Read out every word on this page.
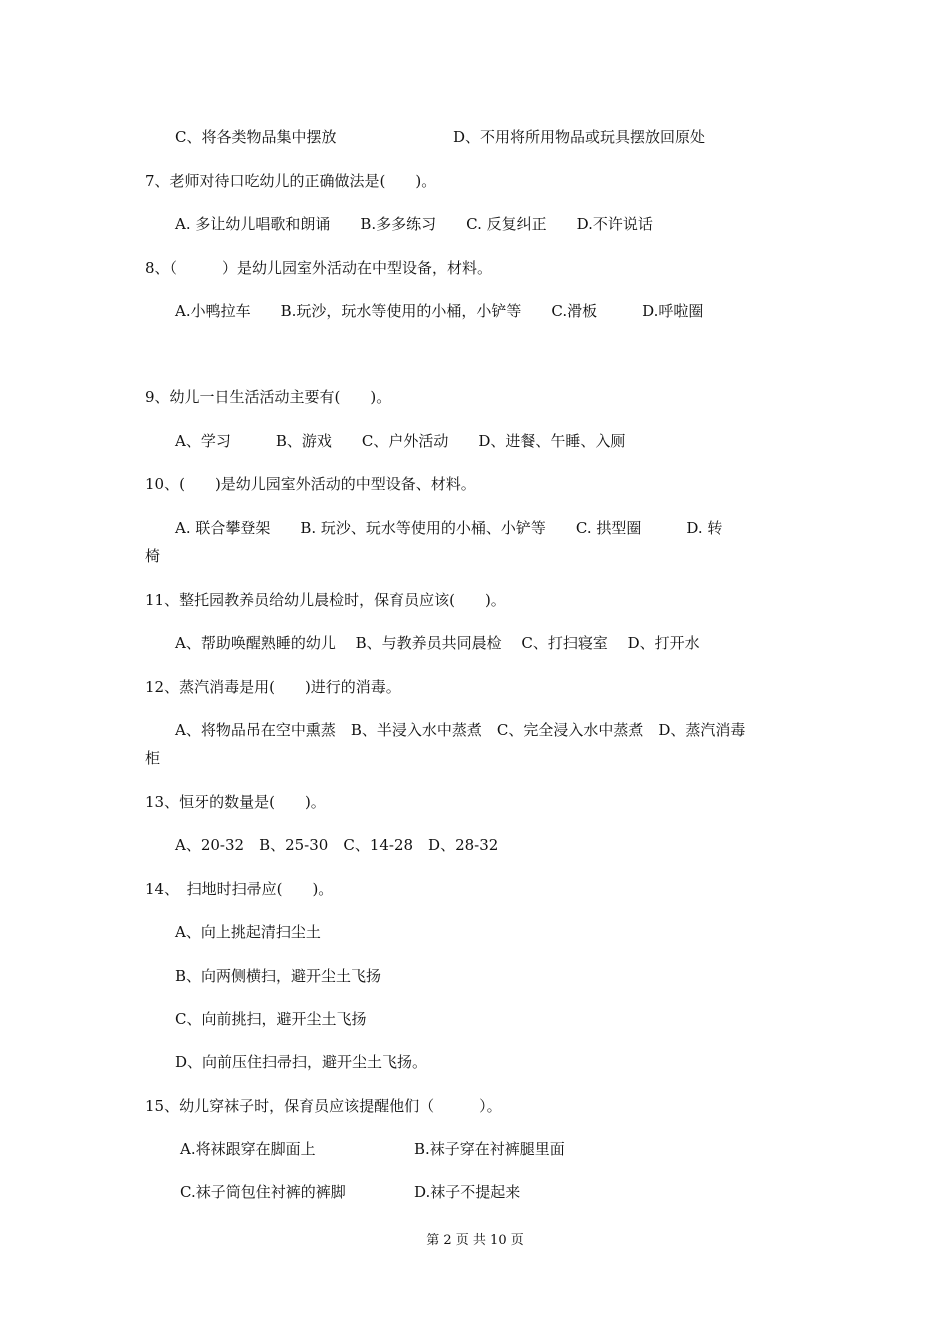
C、将各类物品集中摆放	D、不用将所用物品或玩具摆放回原处
7、老师对待口吃幼儿的正确做法是(　　)。
A. 多让幼儿唱歌和朗诵　　B.多多练习　　C. 反复纠正　　D.不许说话
8、（　　　）是幼儿园室外活动在中型设备，材料。
A.小鸭拉车　　B.玩沙，玩水等使用的小桶，小铲等　　C.滑板　　　D.呼啦圈
9、幼儿一日生活活动主要有(　　)。
A、学习　　　B、游戏　　C、户外活动　　D、进餐、午睡、入厕
10、(　　)是幼儿园室外活动的中型设备、材料。
A. 联合攀登架　　B. 玩沙、玩水等使用的小桶、小铲等　　C. 拱型圈　　　D. 转
椅
11、整托园教养员给幼儿晨检时，保育员应该(　　)。
A、帮助唤醒熟睡的幼儿　 B、与教养员共同晨检　 C、打扫寝室　 D、打开水
12、蒸汽消毒是用(　　)进行的消毒。
A、将物品吊在空中熏蒸　B、半浸入水中蒸煮　C、完全浸入水中蒸煮　D、蒸汽消毒
柜
13、恒牙的数量是(　　)。
A、20-32　B、25-30　C、14-28　D、28-32
14、　扫地时扫帚应(　　)。
A、向上挑起清扫尘土
B、向两侧横扫，避开尘土飞扬
C、向前挑扫，避开尘土飞扬
D、向前压住扫帚扫，避开尘土飞扬。
15、幼儿穿袜子时，保育员应该提醒他们（　　　）。
A.将袜跟穿在脚面上	B.袜子穿在衬裤腿里面
C.袜子筒包住衬裤的裤脚	D.袜子不提起来
第 2 页 共 10 页
